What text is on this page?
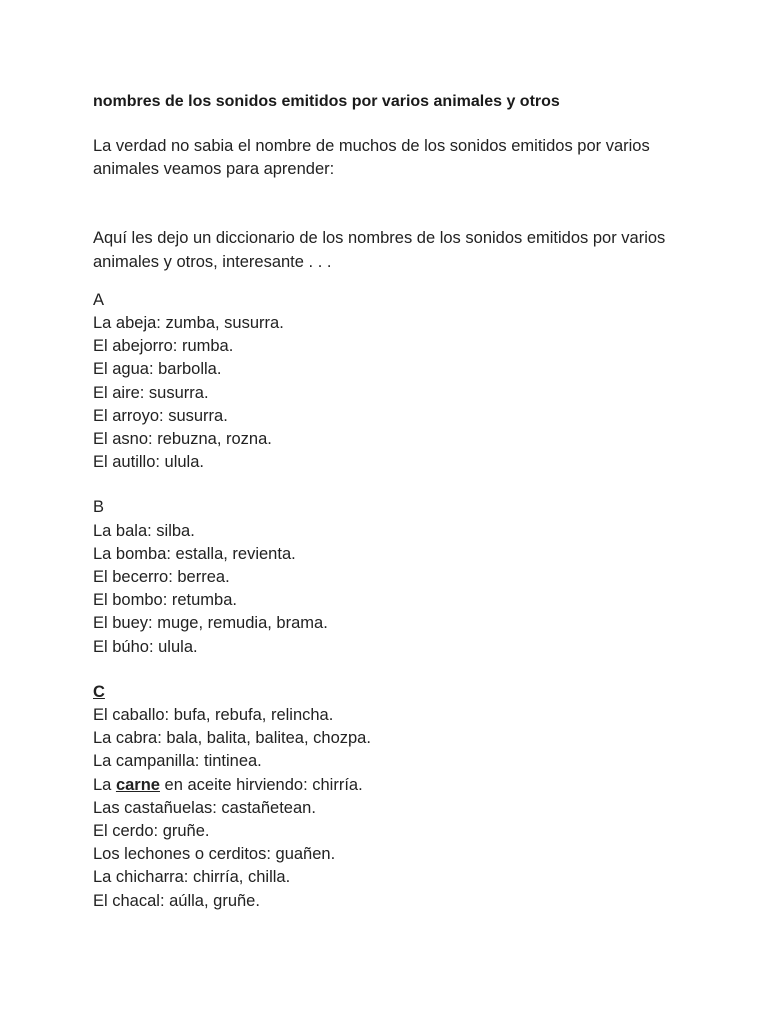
nombres de los sonidos emitidos por varios animales y otros

La verdad no sabia el nombre de muchos de los sonidos emitidos por varios animales veamos para aprender:

Aquí les dejo un diccionario de los nombres de los sonidos emitidos por varios animales y otros, interesante . . .

A
La abeja: zumba, susurra.
El abejorro: rumba.
El agua: barbolla.
El aire: susurra.
El arroyo: susurra.
El asno: rebuzna, rozna.
El autillo: ulula.
B
La bala: silba.
La bomba: estalla, revienta.
El becerro: berrea.
El bombo: retumba.
El buey: muge, remudia, brama.
El búho: ulula.
C
El caballo: bufa, rebufa, relincha.
La cabra: bala, balita, balitea, chozpa.
La campanilla: tintinea.
La carne en aceite hirviendo: chirría.
Las castañuelas: castañetean.
El cerdo: gruñe.
Los lechones o cerditos: guañen.
La chicharra: chirría, chilla.
El chacal: aúlla, gruñe.
